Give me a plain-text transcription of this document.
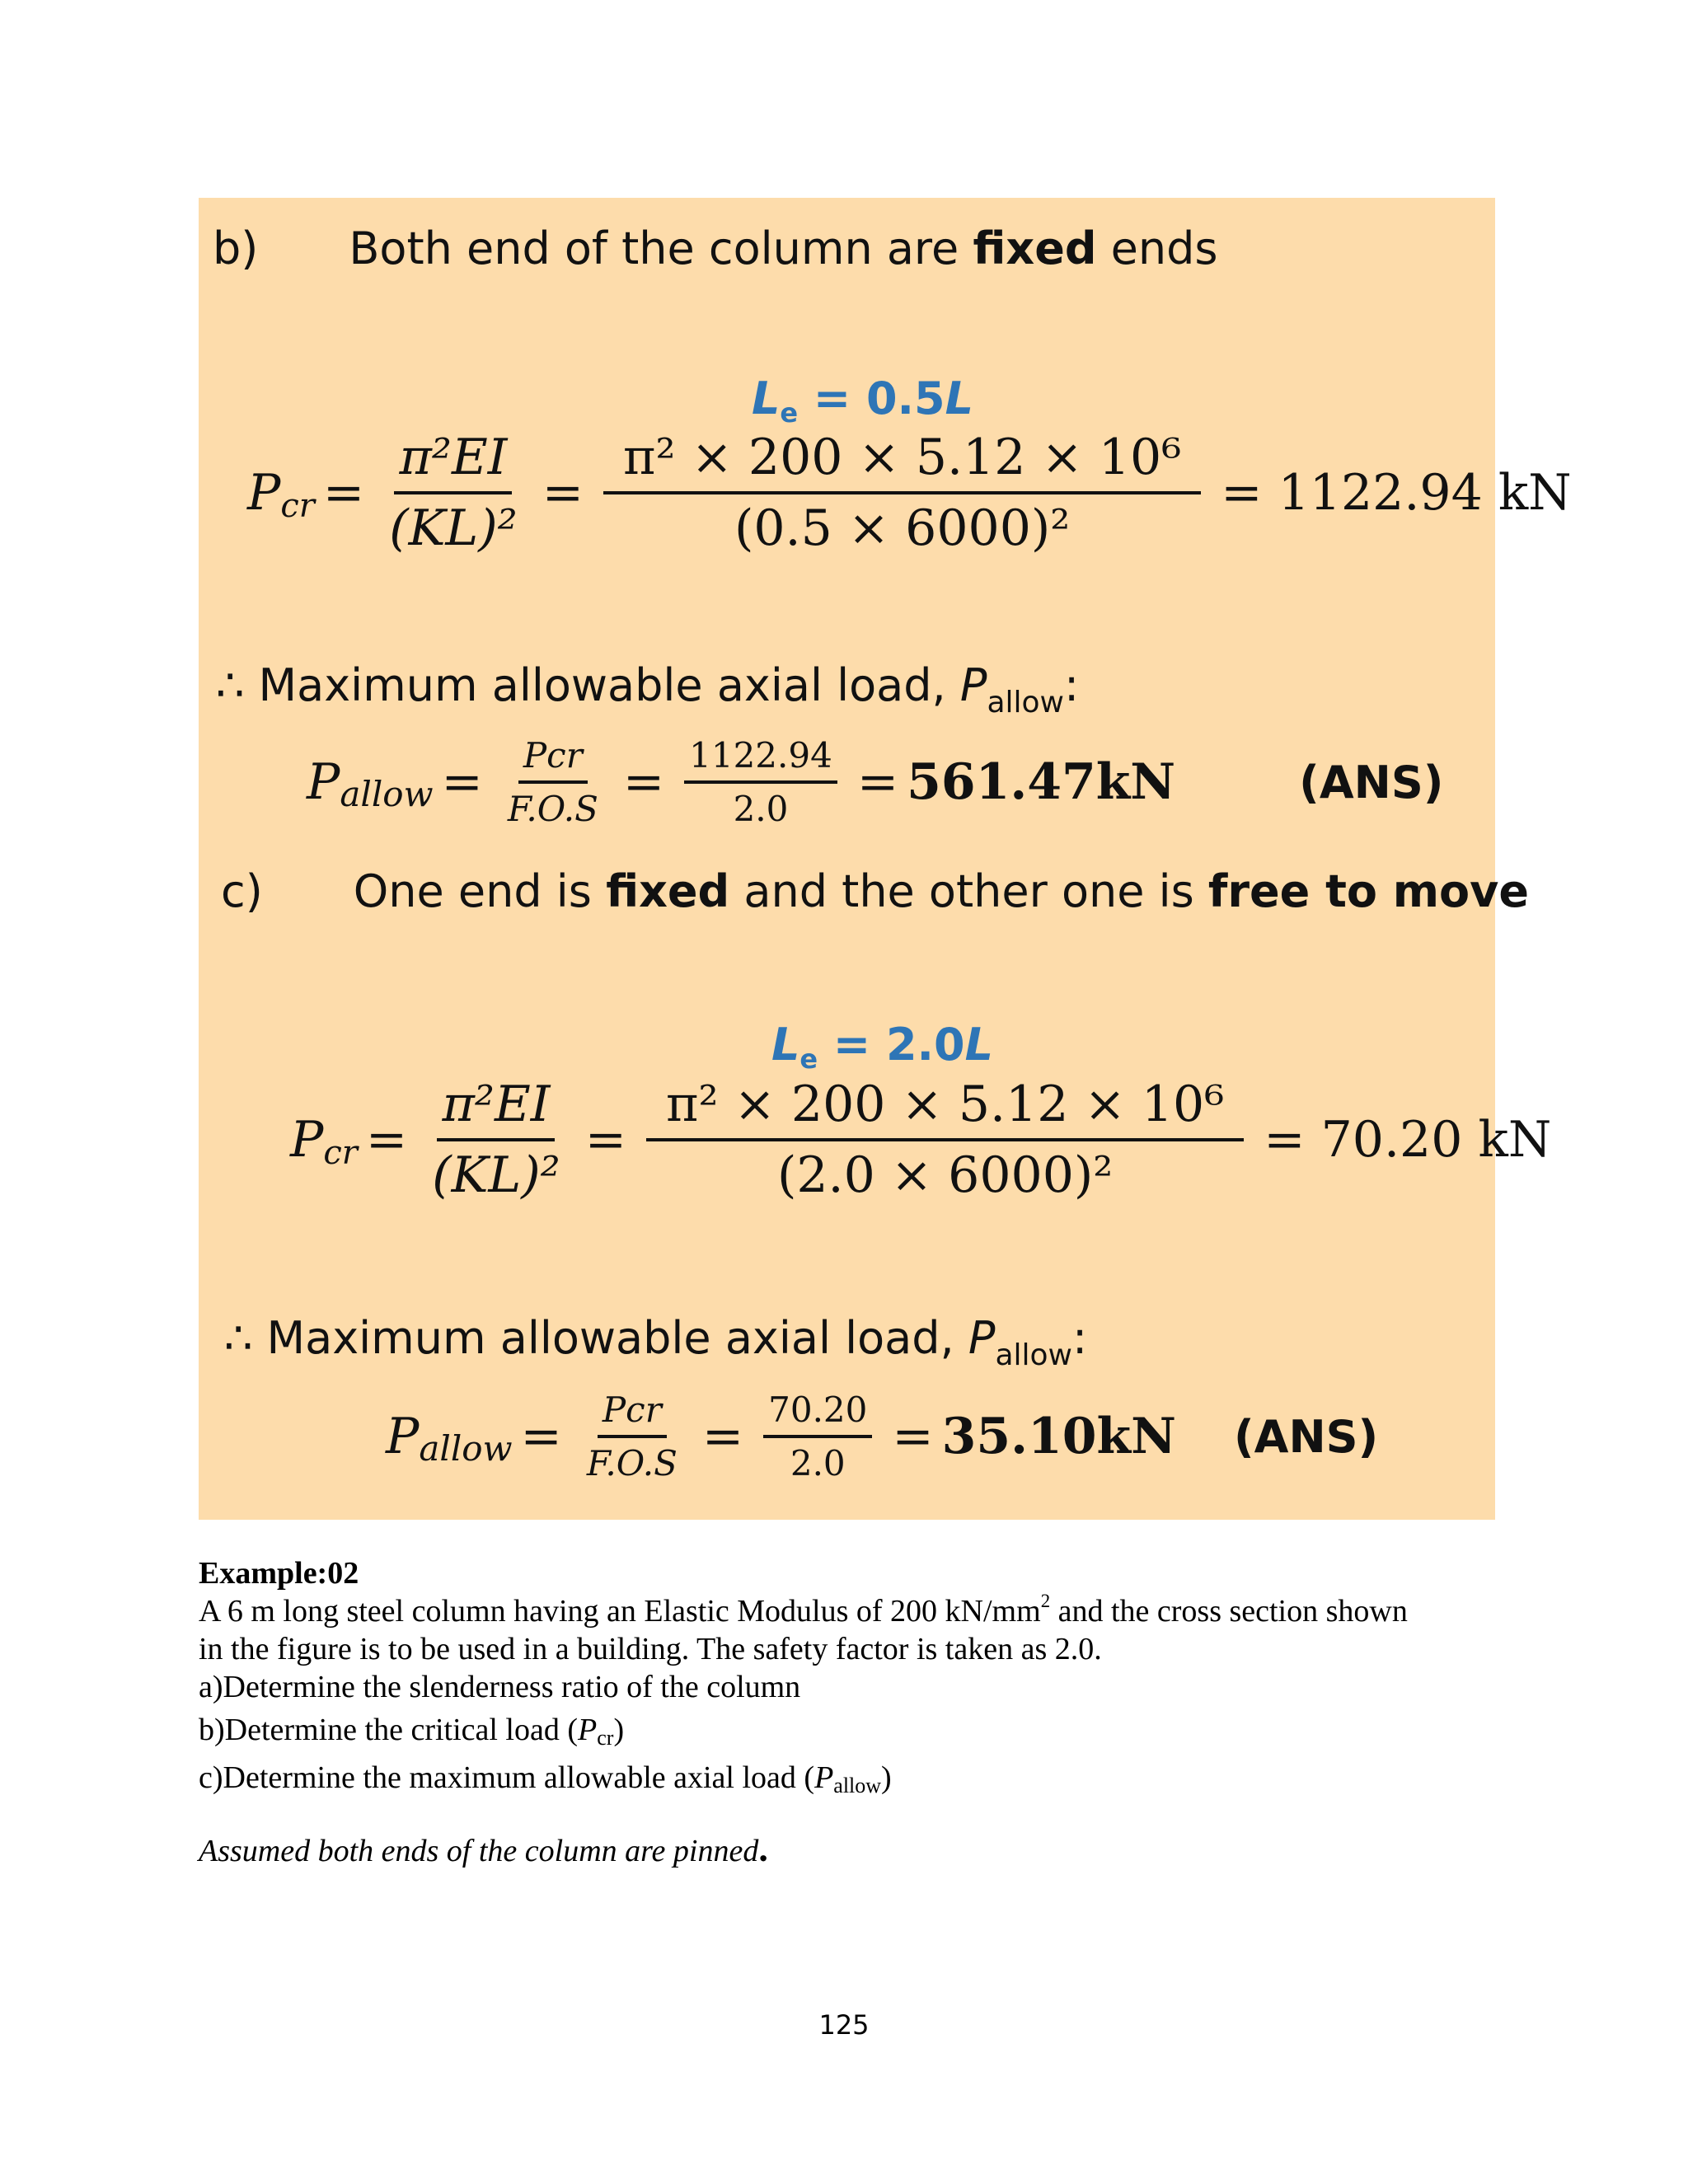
b) Both end of the column are fixed ends
$L_e = 0.5L$
P cr = $\frac{\text{π²EI}}{\text{(KL)²}} = \frac{\text{π² × 200 × 5.12 × 10⁶}}{\text{(0.5 × 6000)²}} = 1122.94$ kN
∴ Maximum allowable axial load, $P_{allow}$:
P allow = $\frac{\text{Pcr}}{F.O.S} = \frac{1122.94}{2.0} = 561.47kN$	(ANS)
c) One end is fixed and the other one is free to move
$L_e = 2.0L$
P cr = $\frac{\text{π²EI}}{\text{(KL)²}} = \frac{\text{π² × 200 × 5.12 × 10⁶}}{\text{(2.0 × 6000)²}} = 70.20$ kN
∴ Maximum allowable axial load, $P_{allow}$:
P allow = $\frac{\text{Pcr}}{F.O.S} = \frac{70.20}{2.0} = 35.10kN$ (ANS)
Example:02
A 6 m long steel column having an Elastic Modulus of 200 $kN/mm^2$ and the cross section shown
in the figure is to be used in a building. The safety factor is taken as 2.0.
a)Determine the slenderness ratio of the column
b)Determine the critical load (Pcr)
c)Determine the maximum allowable axial load (Pallow)
Assumed both ends of the column are pinned.
125
